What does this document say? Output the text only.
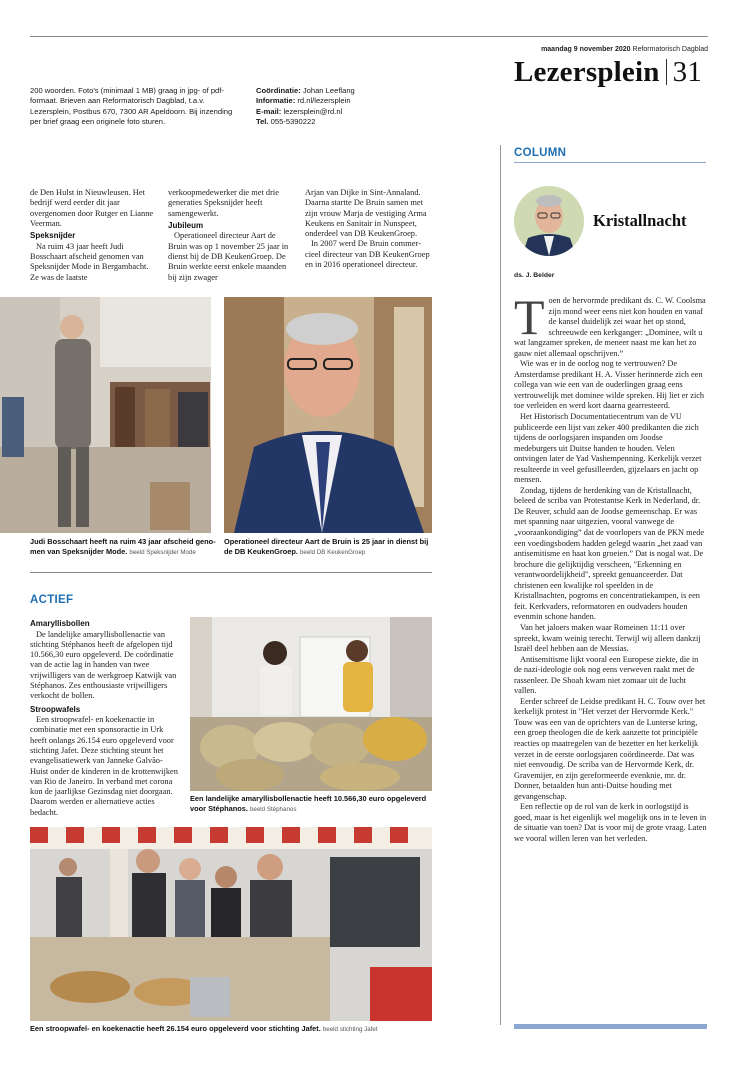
maandag 9 november 2020 Reformatorisch Dagblad
Lezersplein 31
200 woorden. Foto's (minimaal 1 MB) graag in jpg- of pdf-formaat. Brieven aan Reformatorisch Dagblad, t.a.v. Lezersplein, Postbus 670, 7300 AR Apeldoorn. Bij inzending per brief graag een originele foto sturen.
Coördinatie: Johan Leeflang
Informatie: rd.nl/lezersplein
E-mail: lezersplein@rd.nl
Tel. 055-5390222

de Den Hulst in Nieuwleusen. Het bedrijf werd eerder dit jaar overgenomen door Rutger en Lianne Veerman.

Speksnijder

Na ruim 43 jaar heeft Judi Bosschaart afscheid genomen van Speksnijder Mode in Bergambacht. Ze was de laatste

verkoopmedewerker die met drie generaties Speksnijder heeft samengewerkt.

Jubileum

Operationeel directeur Aart de Bruin was op 1 november 25 jaar in dienst bij de DB KeukenGroep. De Bruin werkte eerst enkele maanden bij zijn zwager

Arjan van Dijke in Sint-Annaland. Daarna startte De Bruin samen met zijn vrouw Marja de vestiging Arma Keukens en Sanitair in Nunspeet, onderdeel van DB KeukenGroep.

In 2007 werd De Bruin commercieel directeur van DB KeukenGroep en in 2016 operationeel directeur.

Judi Bosschaart heeft na ruim 43 jaar afscheid genomen van Speksnijder Mode. beeld Speksnijder Mode
Operationeel directeur Aart de Bruin is 25 jaar in dienst bij de DB KeukenGroep. beeld DB KeukenGroep
ACTIEF

Amaryllisbollen

De landelijke amaryllisbollenactie van stichting Stéphanos heeft de afgelopen tijd 10.566,30 euro opgeleverd. De coördinatie van de actie lag in handen van twee vrijwilligers van de werkgroep Katwijk van Stéphanos. Zes enthousiaste vrijwilligers verkocht de bollen.

Stroopwafels

Een stroopwafel- en koekenactie in combinatie met een sponsoractie in Urk heeft onlangs 26.154 euro opgeleverd voor stichting Jafet. Deze stichting steunt het evangelisatiewerk van Janneke Galvão-Huist onder de kinderen in de krottenwijken van Rio de Janeiro. In verband met corona kon de jaarlijkse Gezinsdag niet doorgaan. Daarom werden er alternatieve acties bedacht.

Een landelijke amaryllisbollenactie heeft 10.566,30 euro opgeleverd voor Stéphanos. beeld Stéphanos
Een stroopwafel- en koekenactie heeft 26.154 euro opgeleverd voor stichting Jafet. beeld stichting Jafet
COLUMN
Kristallnacht
ds. J. Belder

Toen de hervormde predikant ds. C. W. Coolsma zijn mond weer eens niet kon houden en vanaf de kansel duidelijk zei waar het op stond, schreeuwde een kerkganger: „Dominee, wilt u wat langzamer spreken, de meneer naast me kan het zo gauw niet allemaal opschrijven.”

Wie was er in de oorlog nog te vertrouwen? De Amsterdamse predikant H. A. Visser herinnerde zich een collega van wie een van de ouderlingen graag eens vertrouwelijk met dominee wilde spreken. Hij liet er zich toe verleiden en werd kort daarna gearresteerd.

Het Historisch Documentatiecentrum van de VU publiceerde een lijst van zeker 400 predikanten die zich tijdens de oorlogsjaren inspanden om Joodse medeburgers uit Duitse handen te houden. Velen ontvingen later de Yad Vashempenning. Kerkelijk verzet resulteerde in veel gefusilleerden, gijzelaars en jacht op mensen.

Zondag, tijdens de herdenking van de Kristallnacht, beleed de scriba van Protestantse Kerk in Nederland, dr. De Reuver, schuld aan de Joodse gemeenschap. Er was met spanning naar uitgezien, vooral vanwege de „vooraankondiging” dat de voorlopers van de PKN mede een voedingsbodem hadden gelegd waarin „het zaad van antisemitisme en haat kon groeien.” Dat is nogal wat. De brochure die gelijktijdig verscheen, "Erkenning en verantwoordelijkheid", spreekt genuanceerder. Dat christenen een kwalijke rol speelden in de Kristallnachten, pogroms en concentratiekampen, is een feit. Kerkvaders, reformatoren en oudvaders houden evenmin schone handen.

Van het jaloers maken waar Romeinen 11:11 over spreekt, kwam weinig terecht. Terwijl wij alleen dankzij Israël deel hebben aan de Messias.

Antisemitisme lijkt vooral een Europese ziekte, die in de nazi-ideologie ook nog eens verweven raakt met de rassenleer. De Shoah kwam niet zomaar uit de lucht vallen.

Eerder schreef de Leidse predikant H. C. Touw over het kerkelijk protest in "Het verzet der Hervormde Kerk." Touw was een van de oprichters van de Lunterse kring, een groep theologen die de kerk aanzette tot principiële reacties op maatregelen van de bezetter en het kerkelijk verzet in de eerste oorlogsjaren coördineerde. Dat was niet eenvoudig. De scriba van de Hervormde Kerk, dr. Gravemijer, en zijn gereformeerde evenknie, mr. dr. Donner, betaalden hun anti-Duitse houding met gevangenschap.

Een reflectie op de rol van de kerk in oorlogstijd is goed, maar is het eigenlijk wel mogelijk ons in te leven in de situatie van toen? Dat is voor mij de grote vraag. Laten we vooral willen leren van het verleden.
